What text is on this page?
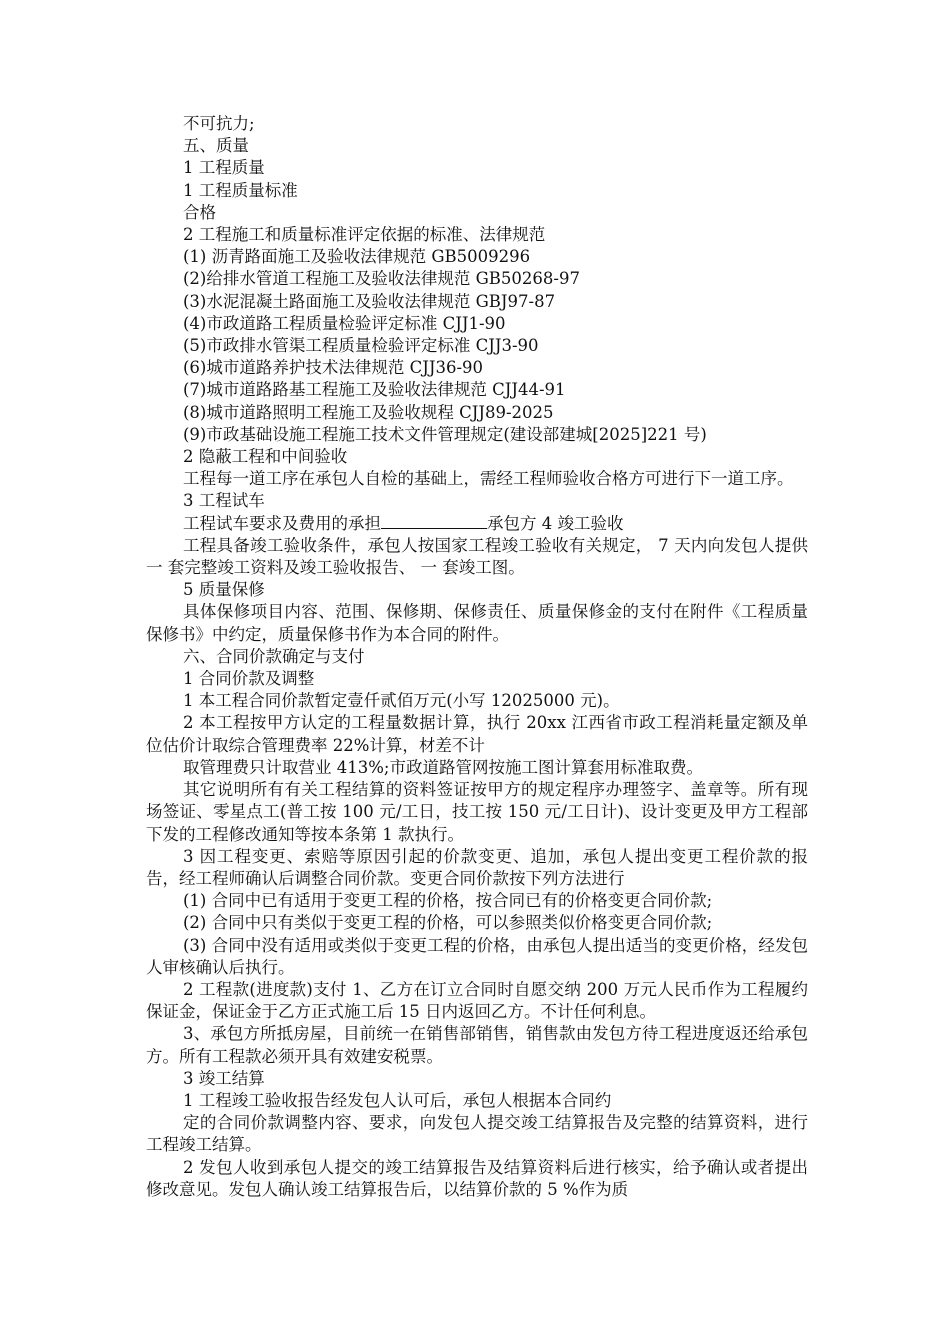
不可抗力;

五、质量

1 工程质量

1 工程质量标准

合格

2 工程施工和质量标准评定依据的标准、法律规范

(1) 沥青路面施工及验收法律规范 GB5009296

(2)给排水管道工程施工及验收法律规范 GB50268-97

(3)水泥混凝土路面施工及验收法律规范 GBJ97-87

(4)市政道路工程质量检验评定标准 CJJ1-90

(5)市政排水管渠工程质量检验评定标准 CJJ3-90

(6)城市道路养护技术法律规范 CJJ36-90

(7)城市道路路基工程施工及验收法律规范 CJJ44-91

(8)城市道路照明工程施工及验收规程 CJJ89-2025

(9)市政基础设施工程施工技术文件管理规定(建设部建城[2025]221 号)

2 隐蔽工程和中间验收

工程每一道工序在承包人自检的基础上，需经工程师验收合格方可进行下一道工序。

3 工程试车

工程试车要求及费用的承担	承包方 4 竣工验收

工程具备竣工验收条件，承包人按国家工程竣工验收有关规定， 7 天内向发包人提供 一 套完整竣工资料及竣工验收报告、 一 套竣工图。

5 质量保修

具体保修项目内容、范围、保修期、保修责任、质量保修金的支付在附件《工程质量保修书》中约定，质量保修书作为本合同的附件。

六、合同价款确定与支付

1 合同价款及调整

1 本工程合同价款暂定壹仟贰佰万元(小写 12025000 元)。

2 本工程按甲方认定的工程量数据计算，执行 20xx 江西省市政工程消耗量定额及单位估价计取综合管理费率 22%计算，材差不计

取管理费只计取营业 413%;市政道路管网按施工图计算套用标准取费。

其它说明所有有关工程结算的资料签证按甲方的规定程序办理签字、盖章等。所有现场签证、零星点工(普工按 100 元/工日，技工按 150 元/工日计)、设计变更及甲方工程部下发的工程修改通知等按本条第 1 款执行。

3 因工程变更、索赔等原因引起的价款变更、追加，承包人提出变更工程价款的报告，经工程师确认后调整合同价款。变更合同价款按下列方法进行

(1) 合同中已有适用于变更工程的价格，按合同已有的价格变更合同价款;

(2) 合同中只有类似于变更工程的价格，可以参照类似价格变更合同价款;

(3) 合同中没有适用或类似于变更工程的价格，由承包人提出适当的变更价格，经发包人审核确认后执行。

2 工程款(进度款)支付 1、乙方在订立合同时自愿交纳 200 万元人民币作为工程履约保证金，保证金于乙方正式施工后 15 日内返回乙方。不计任何利息。

3、承包方所抵房屋，目前统一在销售部销售，销售款由发包方待工程进度返还给承包方。所有工程款必须开具有效建安税票。

3 竣工结算

1 工程竣工验收报告经发包人认可后，承包人根据本合同约

定的合同价款调整内容、要求，向发包人提交竣工结算报告及完整的结算资料，进行工程竣工结算。

2 发包人收到承包人提交的竣工结算报告及结算资料后进行核实，给予确认或者提出修改意见。发包人确认竣工结算报告后，以结算价款的 5 %作为质
